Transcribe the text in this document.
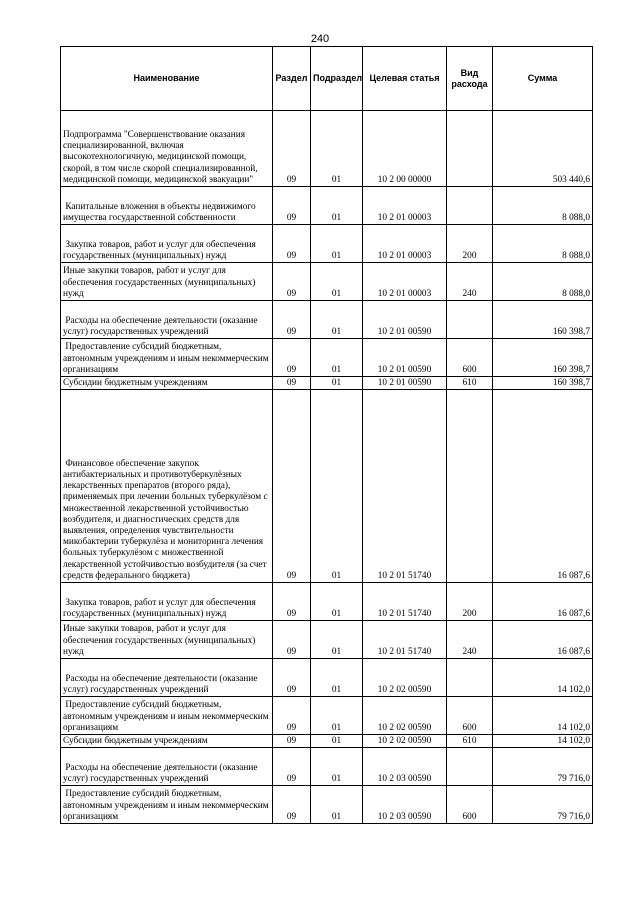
240
Наименование	Раздел	Подраздел	Целевая статья	Вид расхода	Сумма
Подпрограмма "Совершенствование оказания специализированной, включая высокотехнологичную, медицинской помощи, скорой, в том числе скорой специализированной, медицинской помощи, медицинской эвакуации"	09	01	10 2 00 00000		503 440,6
Капитальные вложения в объекты недвижимого имущества государственной собственности	09	01	10 2 01 00003		8 088,0
Закупка товаров, работ и услуг для обеспечения государственных (муниципальных) нужд	09	01	10 2 01 00003	200	8 088,0
Иные закупки товаров, работ и услуг для обеспечения государственных (муниципальных) нужд	09	01	10 2 01 00003	240	8 088,0
Расходы на обеспечение деятельности (оказание услуг) государственных учреждений	09	01	10 2 01 00590		160 398,7
Предоставление субсидий бюджетным, автономным учреждениям и иным некоммерческим организациям	09	01	10 2 01 00590	600	160 398,7
Субсидии бюджетным учреждениям	09	01	10 2 01 00590	610	160 398,7
Финансовое обеспечение закупок антибактериальных и противотуберкулёзных лекарственных препаратов (второго ряда), применяемых при лечении больных туберкулёзом с множественной лекарственной устойчивостью возбудителя, и диагностических средств для выявления, определения чувствительности микобактерии туберкулёза и мониторинга лечения больных туберкулёзом с множественной лекарственной устойчивостью возбудителя (за счет средств федерального бюджета)	09	01	10 2 01 51740		16 087,6
Закупка товаров, работ и услуг для обеспечения государственных (муниципальных) нужд	09	01	10 2 01 51740	200	16 087,6
Иные закупки товаров, работ и услуг для обеспечения государственных (муниципальных) нужд	09	01	10 2 01 51740	240	16 087,6
Расходы на обеспечение деятельности (оказание услуг) государственных учреждений	09	01	10 2 02 00590		14 102,0
Предоставление субсидий бюджетным, автономным учреждениям и иным некоммерческим организациям	09	01	10 2 02 00590	600	14 102,0
Субсидии бюджетным учреждениям	09	01	10 2 02 00590	610	14 102,0
Расходы на обеспечение деятельности (оказание услуг) государственных учреждений	09	01	10 2 03 00590		79 716,0
Предоставление субсидий бюджетным, автономным учреждениям и иным некоммерческим организациям	09	01	10 2 03 00590	600	79 716,0
